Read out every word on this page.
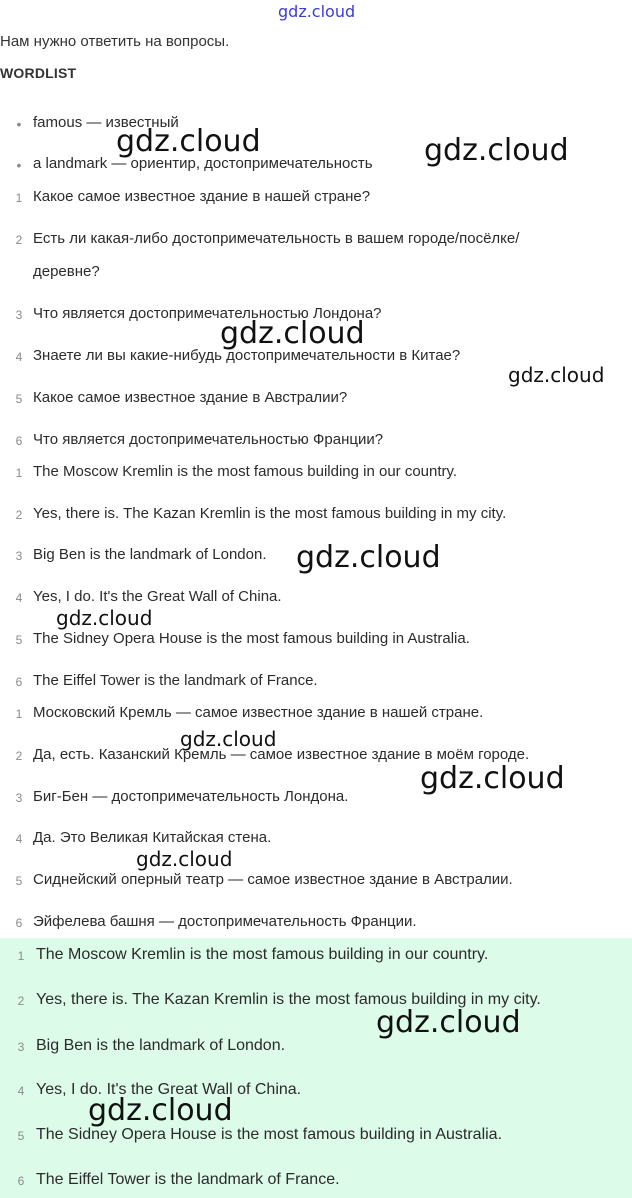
gdz.cloud
Нам нужно ответить на вопросы.
WORDLIST
• famous — известный
• a landmark — ориентир, достопримечательность
1 Какое самое известное здание в нашей стране?
2 Есть ли какая-либо достопримечательность в вашем городе/посёлке/
деревне?
3 Что является достопримечательностью Лондона?
4 Знаете ли вы какие-нибудь достопримечательности в Китае?
5 Какое самое известное здание в Австралии?
6 Что является достопримечательностью Франции?
1 The Moscow Kremlin is the most famous building in our country.
2 Yes, there is. The Kazan Kremlin is the most famous building in my city.
3 Big Ben is the landmark of London.
4 Yes, I do. It's the Great Wall of China.
5 The Sidney Opera House is the most famous building in Australia.
6 The Eiffel Tower is the landmark of France.
1 Московский Кремль — самое известное здание в нашей стране.
2 Да, есть. Казанский Кремль — самое известное здание в моём городе.
3 Биг-Бен — достопримечательность Лондона.
4 Да. Это Великая Китайская стена.
5 Сиднейский оперный театр — самое известное здание в Австралии.
6 Эйфелева башня — достопримечательность Франции.
1 The Moscow Kremlin is the most famous building in our country.
2 Yes, there is. The Kazan Kremlin is the most famous building in my city.
3 Big Ben is the landmark of London.
4 Yes, I do. It's the Great Wall of China.
5 The Sidney Opera House is the most famous building in Australia.
6 The Eiffel Tower is the landmark of France.
gdz.cloud	gdz.cloud
gdz.cloud
gdz.cloud
gdz.cloud
gdz.cloud
gdz.cloud
gdz.cloud
gdz.cloud
gdz.cloud
gdz.cloud
